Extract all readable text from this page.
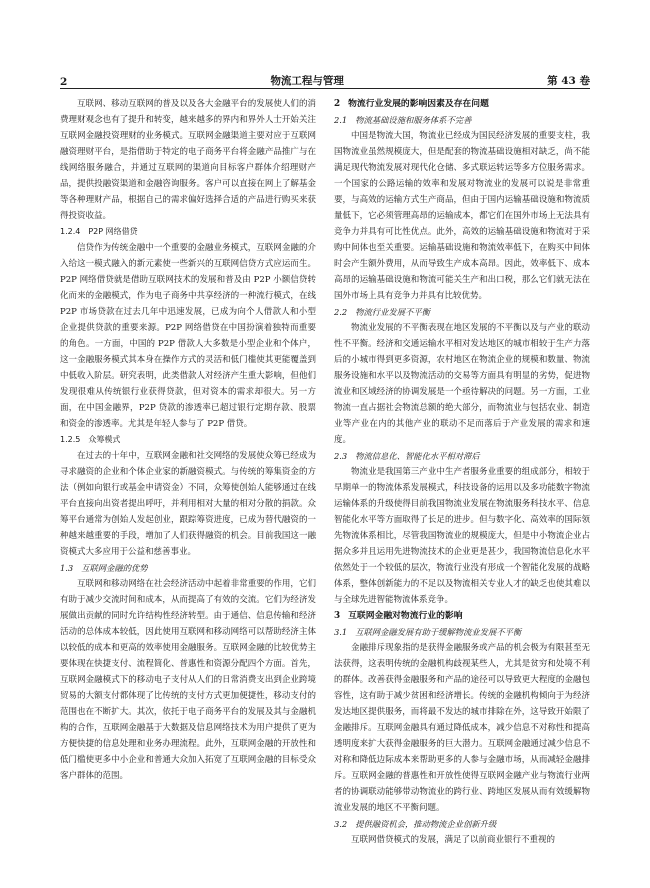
2	物流工程与管理	第 43 卷

互联网、移动互联网的普及以及各大金融平台的发展使人们的消费理财观念也有了提升和转变，越来越多的界内和界外人士开始关注互联网金融投资理财的业务模式。互联网金融渠道主要对应于互联网融资理财平台，是指借助于特定的电子商务平台将金融产品推广与在线网络服务融合，并通过互联网的渠道向目标客户群体介绍理财产品，提供投融资渠道和金融咨询服务。客户可以直接在网上了解基金等各种理财产品，根据自己的需求偏好选择合适的产品进行购买来获得投资收益。

1.2.4 P2P 网络借贷

信贷作为传统金融中一个重要的金融业务模式，互联网金融的介入给这一模式融入的新元素使一些新兴的互联网信贷方式应运而生。P2P 网络借贷就是借助互联网技术的发展和普及由 P2P 小额信贷转化而来的金融模式，作为电子商务中共享经济的一种流行模式，在线 P2P 市场贷款在过去几年中迅速发展，已成为向个人借款人和小型企业提供贷款的重要来源。P2P 网络借贷在中国扮演着独特而重要的角色。一方面，中国的 P2P 借款人大多数是小型企业和个体户，这一金融服务模式其本身在操作方式的灵活和低门槛使其更能覆盖到中低收入阶层。研究表明，此类借款人对经济产生重大影响，但他们发现很难从传统银行业获得贷款，但对资本的需求却很大。另一方面，在中国金融界，P2P 贷款的渗透率已超过银行定期存款、股票和资金的渗透率。尤其是年轻人参与了 P2P 借贷。

1.2.5 众筹模式

在过去的十年中，互联网金融和社交网络的发展使众筹已经成为寻求融资的企业和个体企业家的新融资模式。与传统的筹集资金的方法（例如向银行或基金申请资金）不同，众筹使创始人能够通过在线平台直接向出资者提出呼吁，并利用相对大量的相对分散的捐款。众筹平台通常为创始人发起创业，跟踪筹资进度，已成为替代融资的一种越来越重要的手段，增加了人们获得融资的机会。目前我国这一融资模式大多应用于公益和慈善事业。

1.3 互联网金融的优势

互联网和移动网络在社会经济活动中起着非常重要的作用，它们有助于减少交流时间和成本，从而提高了有效的交流。它们为经济发展做出贡献的同时允许结构性经济转型。由于通信、信息传输和经济活动的总体成本较低，因此使用互联网和移动网络可以帮助经济主体以较低的成本和更高的效率使用金融服务。互联网金融的比较优势主要体现在快捷支付、流程简化、普惠性和资源分配四个方面。首先，互联网金融模式下的移动电子支付从人们的日常消费支出到企业跨境贸易的大额支付都体现了比传统的支付方式更加便捷性，移动支付的范围也在不断扩大。其次，依托于电子商务平台的发展及其与金融机构的合作，互联网金融基于大数据及信息网络技术为用户提供了更为方便快捷的信息处理和业务办理流程。此外，互联网金融的开放性和低门槛使更多中小企业和普通大众加入拓宽了互联网金融的目标受众客户群体的范围。

2 物流行业发展的影响因素及存在问题
2.1 物流基础设施和服务体系不完善

中国是物流大国，物流业已经成为国民经济发展的重要支柱，我国物流业虽然规模庞大，但是配套的物流基础设施相对缺乏，尚不能满足现代物流发展对现代化仓储、多式联运转运等多方位服务需求。一个国家的公路运输的效率和发展对物流业的发展可以说是非常重要，与高效的运输方式生产商品，但由于国内运输基础设施和物流质量低下，它必须管理高昂的运输成本，都它们在国外市场上无法具有竞争力并具有可比性优点。此外，高效的运输基础设施和物流对于采购中间体也至关重要。运输基础设施和物流效率低下，在购买中间体时会产生额外费用，从而导致生产成本高昂。因此，效率低下、成本高昂的运输基础设施和物流可能关生产和出口税，那么它们就无法在国外市场上具有竞争力并具有比较优势。

2.2 物流行业发展不平衡

物流业发展的不平衡表现在地区发展的不平衡以及与产业的联动性不平衡。经济和交通运输水平相对发达地区的城市相较于生产力落后的小城市得到更多资源，农村地区在物流企业的规模和数量、物流服务设施和水平以及物流活动的交易等方面具有明显的劣势，促进物流业和区域经济的协调发展是一个亟待解决的问题。另一方面，工业物流一直占据社会物流总额的绝大部分，而物流业与包括农业、制造业等产业在内的其他产业的联动不足而落后于产业发展的需求和速度。

2.3 物流信息化、智能化水平相对滞后

物流业是我国第三产业中生产者服务业重要的组成部分，相较于早期单一的物流体系发展模式，科技设备的运用以及多功能数字物流运输体系的升级使得目前我国物流业发展在物流服务科技水平、信息智能化水平等方面取得了长足的进步。但与数字化、高效率的国际领先物流体系相比，尽管我国物流业的规模庞大，但是中小物流企业占据众多并且运用先进物流技术的企业更是甚少，我国物流信息化水平依然处于一个较低的层次，物流行业没有形成一个智能化发展的战略体系，整体创新能力的不足以及物流相关专业人才的缺乏也使其难以与全球先进智能物流体系竞争。

3 互联网金融对物流行业的影响
3.1 互联网金融发展有助于缓解物流业发展不平衡

金融排斥现象指的是获得金融服务或产品的机会极为有限甚至无法获得，这表明传统的金融机构歧视某些人，尤其是贫穷和处境不利的群体。改善获得金融服务和产品的途径可以导致更大程度的金融包容性，这有助于减少贫困和经济增长。传统的金融机构倾向于为经济发达地区提供服务，而将最不发达的城市排除在外，这导致开始限了金融排斥。互联网金融具有通过降低成本，减少信息不对称性和提高透明度来扩大获得金融服务的巨大潜力。互联网金融通过减少信息不对称和降低边际成本来帮助更多的人参与金融市场，从而减轻金融排斥。互联网金融的普惠性和开放性使得互联网金融产业与物流行业两者的协调联动能够带动物流业的跨行业、跨地区发展从而有效缓解物流业发展的地区不平衡问题。

3.2 提供融资机会，推动物流企业创新升级

互联网借贷模式的发展，满足了以前商业银行不重视的
